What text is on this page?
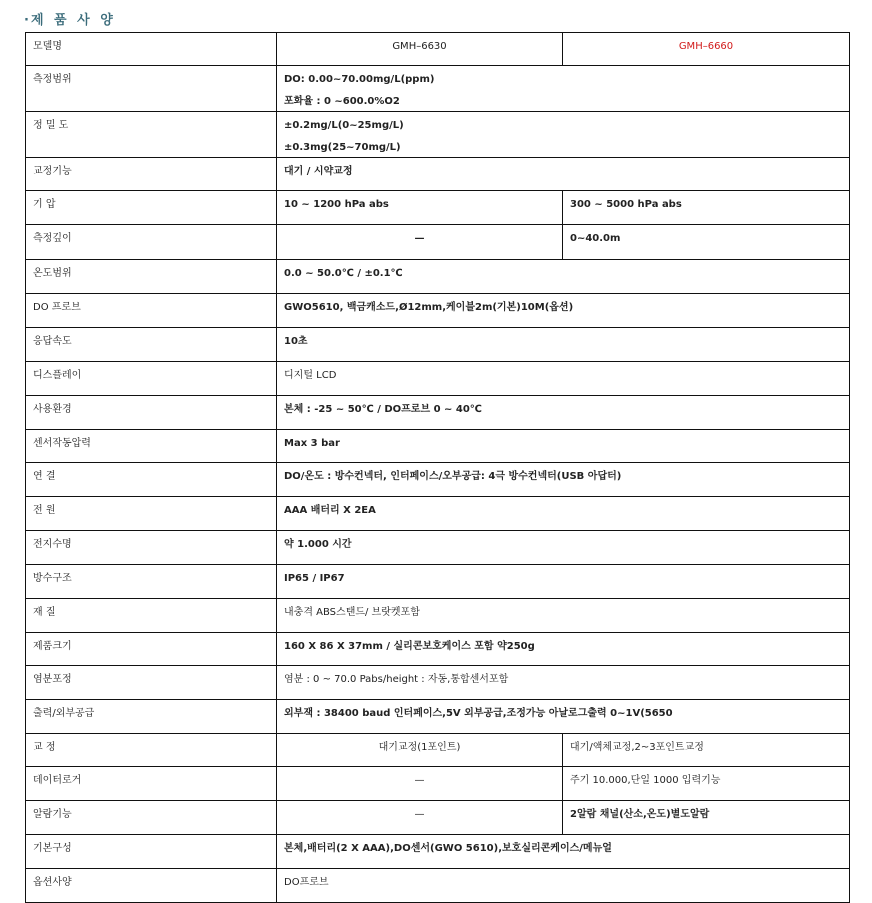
· 제 품 사 양
모델명	GMH–6630	GMH–6660

측정범위	DO: 0.00~70.00mg/L(ppm)
포화율 : 0 ~600.0%O2	

정 밀 도	±0.2mg/L(0~25mg/L)
±0.3mg(25~70mg/L)	

교정기능	대기 / 시약교정	

기 압	10 ~ 1200 hPa abs	300 ~ 5000 hPa abs

측정깊이	—	0~40.0m

온도범위	0.0 ~ 50.0℃ / ±0.1℃	

DO 프로브	GWO5610, 백금캐소드,Ø12mm,케이블2m(기본)10M(옵션)	

응답속도	10초	

디스플레이	디지털 LCD	

사용환경	본체 : -25 ~ 50℃ / DO프로브 0 ~ 40℃	

센서작동압력	Max 3 bar	

연 결	DO/온도 : 방수컨넥터, 인터페이스/오부공급: 4극 방수컨넥터(USB 아답터)	

전 원	AAA 배터리 X 2EA	

전지수명	약 1.000 시간	

방수구조	IP65 / IP67	

재 질	내충격 ABS스탠드/ 브랏켓포함	

제품크기	160 X 86 X 37mm / 실리콘보호케이스 포함 약250g	

염분포정	염분 : 0 ~ 70.0 Pabs/height : 자동,통합센서포함	

출력/외부공급	외부잭 : 38400 baud 인터페이스,5V 외부공급,조정가능 아날로그출력 0~1V(5650	

교 정	대기교정(1포인트)	대기/액체교정,2~3포인트교정

데이터로거	—	주기 10.000,단일 1000 입력기능

알람기능	—	2알람 채널(산소,온도)별도알람

기본구성	본체,배터리(2 X AAA),DO센서(GWO 5610),보호실리콘케이스/메뉴얼	

옵션사양	DO프로브	
